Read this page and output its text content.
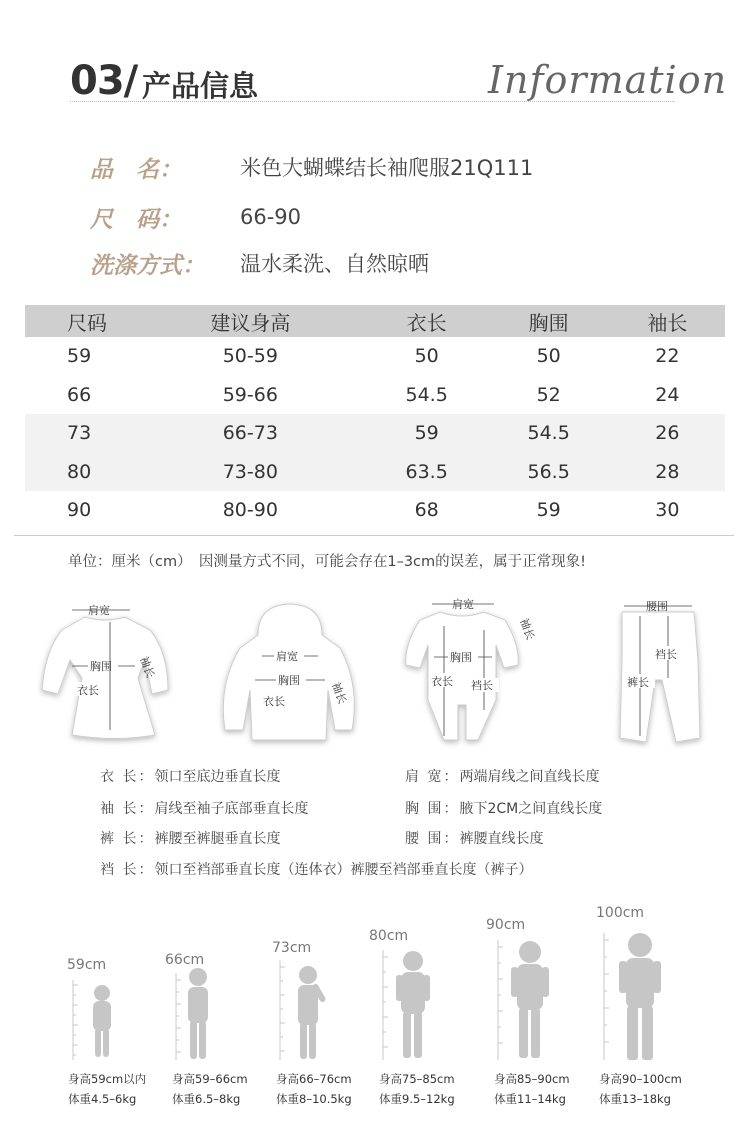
03/ 产品信息	Information
品　名：	米色大蝴蝶结长袖爬服21Q111
尺　码：	66-90
洗涤方式：	温水柔洗、自然晾晒
尺码	建议身高	衣长	胸围	袖长
59	50-59	50	50	22
66	59-66	54.5	52	24
73	66-73	59	54.5	26
80	73-80	63.5	56.5	28
90	80-90	68	59	30
单位：厘米（cm）　因测量方式不同，可能会存在1–3cm的误差，属于正常现象!
肩宽
胸围
衣长
袖长	肩宽
胸围
衣长	袖长
肩宽
胸围
衣长 裆长
袖长
腰围
裤长
裆长
衣 长：领口至底边垂直长度	肩 宽：两端肩线之间直线长度
袖 长：肩线至袖子底部垂直长度	胸 围：腋下2CM之间直线长度
裤 长：裤腰至裤腿垂直长度	腰 围：裤腰直线长度
裆 长：领口至裆部垂直长度（连体衣）裤腰至裆部垂直长度（裤子）
59cm	66cm
73cm
80cm
90cm
100cm
身高59cm以内
体重4.5–6kg
身高59–66cm
体重6.5–8kg
身高66–76cm
体重8–10.5kg
身高75–85cm
体重9.5–12kg
身高85–90cm
体重11–14kg
身高90–100cm
体重13–18kg
